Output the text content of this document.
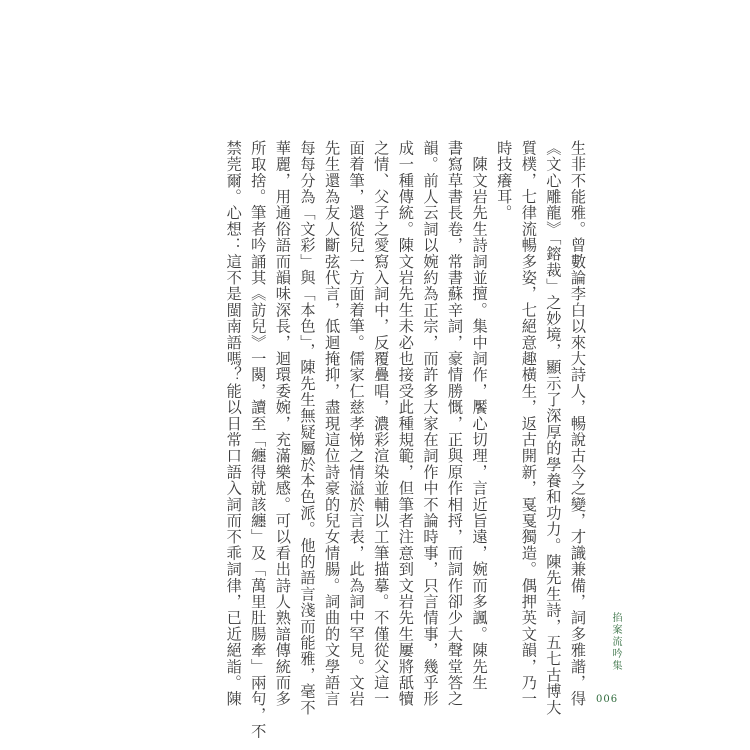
生非不能雅。曾數論李白以來大詩人，暢說古今之變，才識兼備，詞多雅諧，得
《文心雕龍》「鎔裁」之妙境，顯示了深厚的學養和功力。陳先生詩，五七古博大
質樸，七律流暢多姿，七絕意趣橫生，返古開新，戛戛獨造。偶押英文韻，乃一
時技癢耳。
　陳文岩先生詩詞並擅。集中詞作，饜心切理，言近旨遠，婉而多諷。陳先生
書寫草書長卷，常書蘇辛詞，豪情勝慨，正與原作相捋，而詞作卻少大聲堂答之
韻。前人云詞以婉約為正宗，而許多大家在詞作中不論時事，只言情事，幾乎形
成一種傳統。陳文岩先生未必也接受此種規範，但筆者注意到文岩先生屢將舐犢
之情、父子之愛寫入詞中，反覆疊唱，濃彩渲染並輔以工筆描摹。不僅從父這一
面着筆，還從兒一方面着筆。儒家仁慈孝悌之情溢於言表，此為詞中罕見。文岩
先生還為友人斷弦代言，低迴掩抑，盡現這位詩豪的兒女情腸。詞曲的文學語言
每每分為「文彩」與「本色」，陳先生無疑屬於本色派。他的語言淺而能雅，毫不
華麗，用通俗語而韻味深長，迴環委婉，充滿樂感。可以看出詩人熟諳傳統而多
所取捨。筆者吟誦其《訪兒》一闋，讀至「纏得就該纏」及「萬里肚腸牽」兩句，不
禁莞爾。心想：這不是閩南語嗎？能以日常口語入詞而不乖詞律，已近絕詣。陳	掐案流吟集
006
